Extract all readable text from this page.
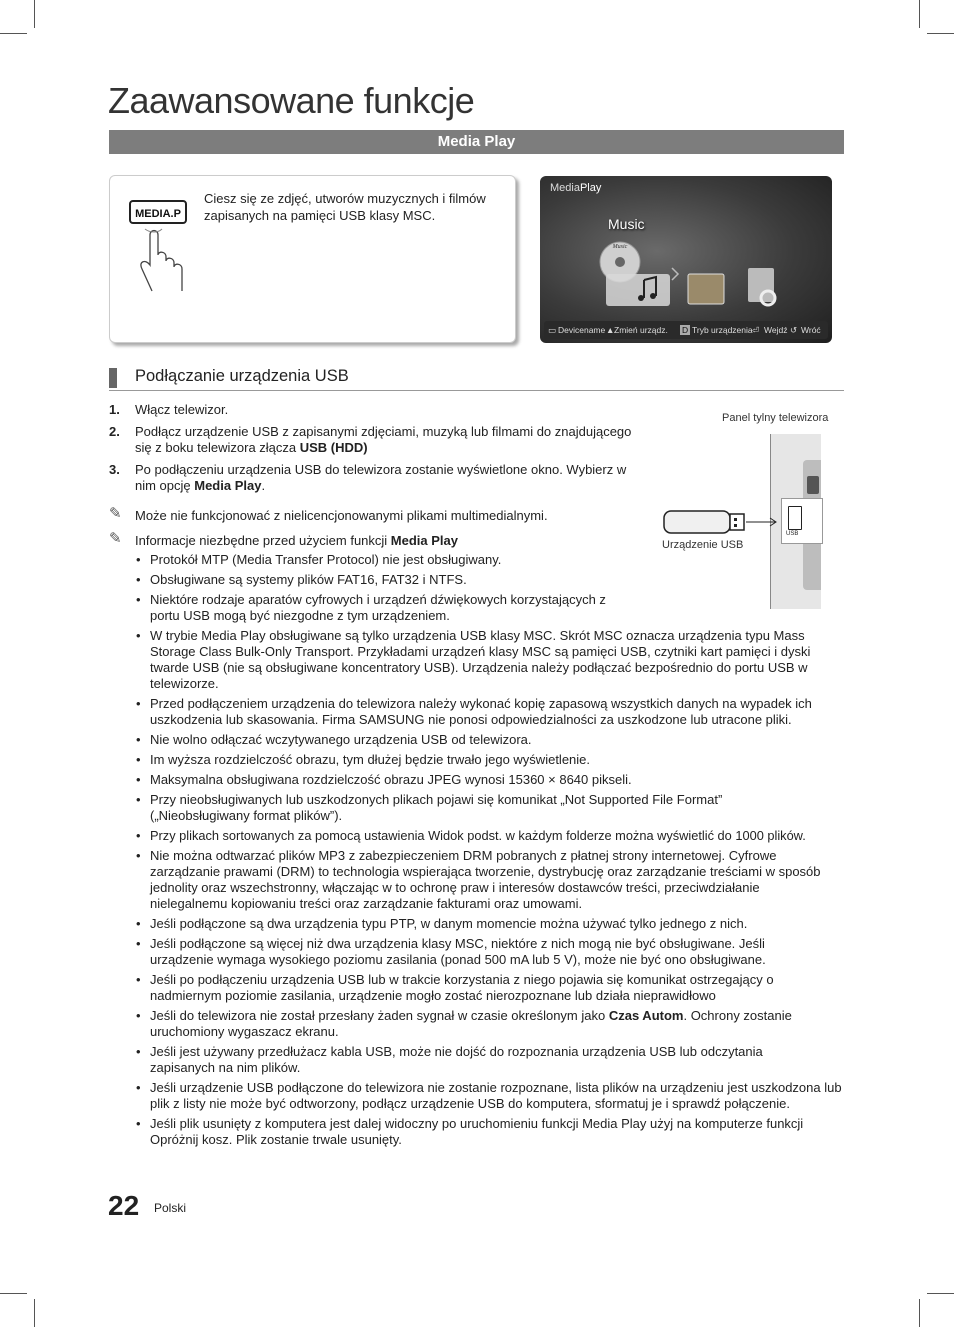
Zaawansowane funkcje
Media Play
MEDIA.P
Ciesz się ze zdjęć, utworów muzycznych i filmów zapisanych na pamięci USB klasy MSC.
MediaPlay
Music
Music
▭ Devicename ▲ Zmień urządz. D Tryb urządzenia ⏎ Wejdź ↺ Wróć
Podłączanie urządzenia USB
1. Włącz telewizor.
2. Podłącz urządzenie USB z zapisanymi zdjęciami, muzyką lub filmami do znajdującego się z boku telewizora złącza USB (HDD)
3. Po podłączeniu urządzenia USB do telewizora zostanie wyświetlone okno. Wybierz w nim opcję Media Play.
✎ Może nie funkcjonować z nielicencjonowanymi plikami multimedialnymi.
✎ Informacje niezbędne przed użyciem funkcji Media Play
Panel tylny telewizora
USB
Urządzenie USB
• Protokół MTP (Media Transfer Protocol) nie jest obsługiwany.
• Obsługiwane są systemy plików FAT16, FAT32 i NTFS.
• Niektóre rodzaje aparatów cyfrowych i urządzeń dźwiękowych korzystających z portu USB mogą być niezgodne z tym urządzeniem.
• W trybie Media Play obsługiwane są tylko urządzenia USB klasy MSC. Skrót MSC oznacza urządzenia typu Mass Storage Class Bulk-Only Transport. Przykładami urządzeń klasy MSC są pamięci USB, czytniki kart pamięci i dyski twarde USB (nie są obsługiwane koncentratory USB). Urządzenia należy podłączać bezpośrednio do portu USB w telewizorze.
• Przed podłączeniem urządzenia do telewizora należy wykonać kopię zapasową wszystkich danych na wypadek ich uszkodzenia lub skasowania. Firma SAMSUNG nie ponosi odpowiedzialności za uszkodzone lub utracone pliki.
• Nie wolno odłączać wczytywanego urządzenia USB od telewizora.
• Im wyższa rozdzielczość obrazu, tym dłużej będzie trwało jego wyświetlenie.
• Maksymalna obsługiwana rozdzielczość obrazu JPEG wynosi 15360 × 8640 pikseli.
• Przy nieobsługiwanych lub uszkodzonych plikach pojawi się komunikat „Not Supported File Format” („Nieobsługiwany format plików”).
• Przy plikach sortowanych za pomocą ustawienia Widok podst. w każdym folderze można wyświetlić do 1000 plików.
• Nie można odtwarzać plików MP3 z zabezpieczeniem DRM pobranych z płatnej strony internetowej. Cyfrowe zarządzanie prawami (DRM) to technologia wspierająca tworzenie, dystrybucję oraz zarządzanie treściami w sposób jednolity oraz wszechstronny, włączając w to ochronę praw i interesów dostawców treści, przeciwdziałanie nielegalnemu kopiowaniu treści oraz zarządzanie fakturami oraz umowami.
• Jeśli podłączone są dwa urządzenia typu PTP, w danym momencie można używać tylko jednego z nich.
• Jeśli podłączone są więcej niż dwa urządzenia klasy MSC, niektóre z nich mogą nie być obsługiwane. Jeśli urządzenie wymaga wysokiego poziomu zasilania (ponad 500 mA lub 5 V), może nie być ono obsługiwane.
• Jeśli po podłączeniu urządzenia USB lub w trakcie korzystania z niego pojawia się komunikat ostrzegający o nadmiernym poziomie zasilania, urządzenie mogło zostać nierozpoznane lub działa nieprawidłowo
• Jeśli do telewizora nie został przesłany żaden sygnał w czasie określonym jako Czas Autom. Ochrony zostanie uruchomiony wygaszacz ekranu.
• Jeśli jest używany przedłużacz kabla USB, może nie dojść do rozpoznania urządzenia USB lub odczytania zapisanych na nim plików.
• Jeśli urządzenie USB podłączone do telewizora nie zostanie rozpoznane, lista plików na urządzeniu jest uszkodzona lub plik z listy nie może być odtworzony, podłącz urządzenie USB do komputera, sformatuj je i sprawdź połączenie.
• Jeśli plik usunięty z komputera jest dalej widoczny po uruchomieniu funkcji Media Play użyj na komputerze funkcji Opróżnij kosz. Plik zostanie trwale usunięty.
22 Polski
